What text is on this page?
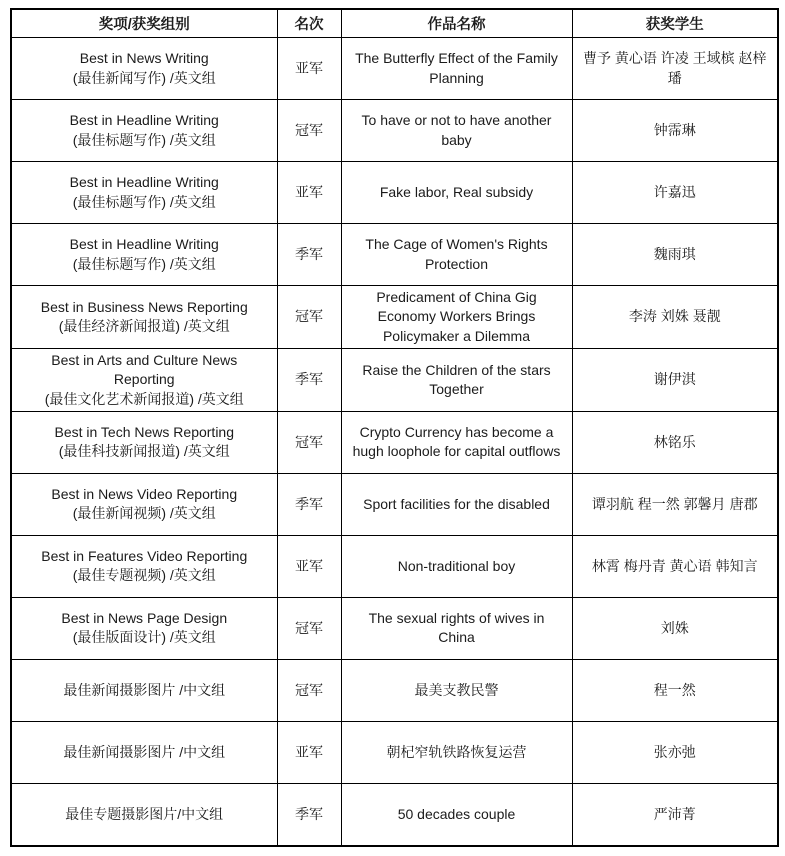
奖项/获奖组别	名次	作品名称	获奖学生

Best in News Writing
(最佳新闻写作) /英文组	亚军	The Butterfly Effect of the Family Planning	曹予 黄心语 许凌 王域槟 赵梓璠

Best in Headline Writing
(最佳标题写作) /英文组	冠军	To have or not to have another baby	钟霈琳

Best in Headline Writing
(最佳标题写作) /英文组	亚军	Fake labor, Real subsidy	许嘉迅

Best in Headline Writing
(最佳标题写作) /英文组	季军	The Cage of Women's Rights Protection	魏雨琪

Best in Business News Reporting
(最佳经济新闻报道) /英文组	冠军	Predicament of China Gig Economy Workers Brings Policymaker a Dilemma	李涛 刘姝 聂靓

Best in Arts and Culture News Reporting
(最佳文化艺术新闻报道) /英文组	季军	Raise the Children of the stars Together	谢伊淇

Best in Tech News Reporting
(最佳科技新闻报道) /英文组	冠军	Crypto Currency has become a hugh loophole for capital outflows	林铭乐

Best in News Video Reporting
(最佳新闻视频) /英文组	季军	Sport facilities for the disabled	谭羽航 程一然 郭馨月 唐郡

Best in Features Video Reporting
(最佳专题视频) /英文组	亚军	Non-traditional boy	林霄 梅丹青 黄心语 韩知言

Best in News Page Design
(最佳版面设计) /英文组	冠军	The sexual rights of wives in China	刘姝

最佳新闻摄影图片 /中文组	冠军	最美支教民警	程一然

最佳新闻摄影图片 /中文组	亚军	朝杞窄轨铁路恢复运营	张亦弛

最佳专题摄影图片/中文组	季军	50 decades couple	严沛菁
